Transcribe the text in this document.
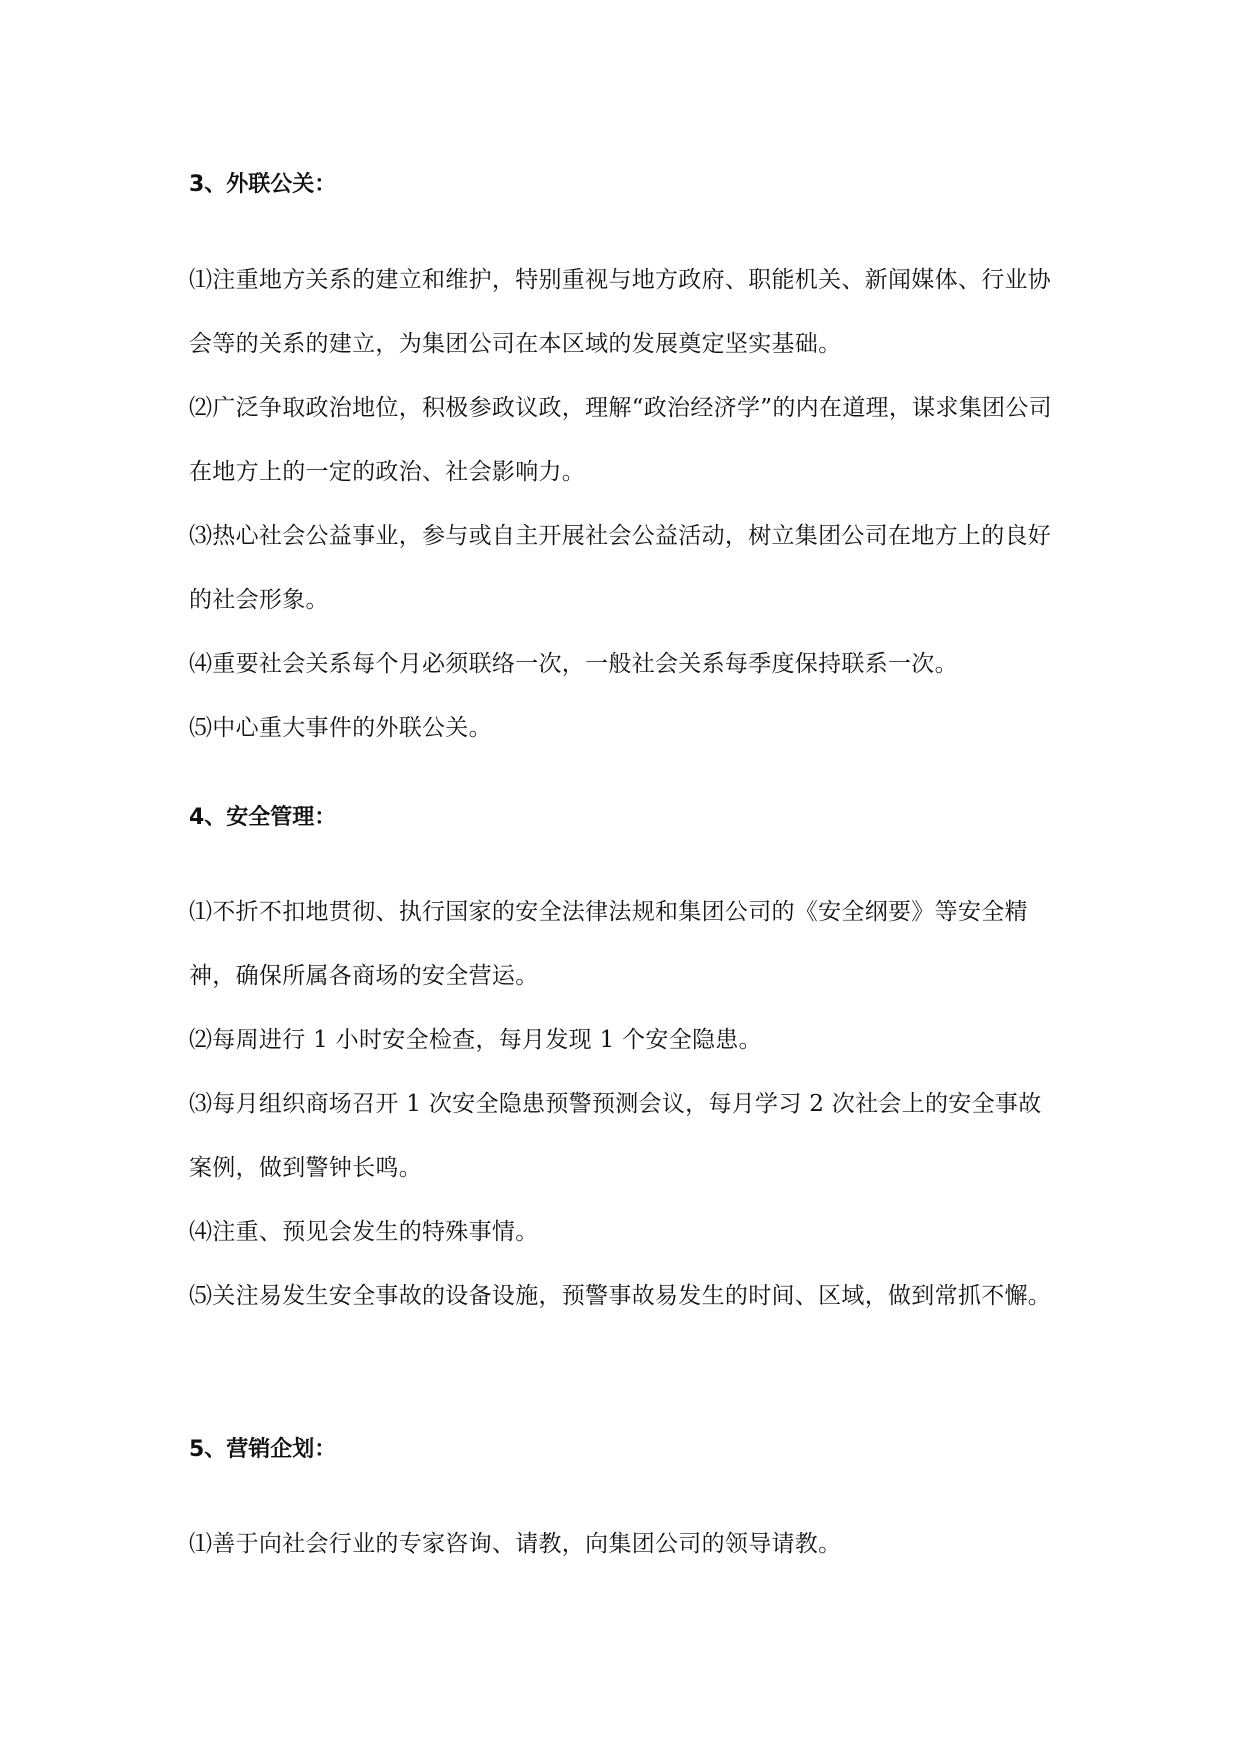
3、外联公关：

⑴注重地方关系的建立和维护，特别重视与地方政府、职能机关、新闻媒体、行业协会等的关系的建立，为集团公司在本区域的发展奠定坚实基础。

⑵广泛争取政治地位，积极参政议政，理解“政治经济学”的内在道理，谋求集团公司在地方上的一定的政治、社会影响力。

⑶热心社会公益事业，参与或自主开展社会公益活动，树立集团公司在地方上的良好的社会形象。

⑷重要社会关系每个月必须联络一次，一般社会关系每季度保持联系一次。

⑸中心重大事件的外联公关。

4、安全管理：

⑴不折不扣地贯彻、执行国家的安全法律法规和集团公司的《安全纲要》等安全精神，确保所属各商场的安全营运。

⑵每周进行 1 小时安全检查，每月发现 1 个安全隐患。

⑶每月组织商场召开 1 次安全隐患预警预测会议，每月学习 2 次社会上的安全事故案例，做到警钟长鸣。

⑷注重、预见会发生的特殊事情。

⑸关注易发生安全事故的设备设施，预警事故易发生的时间、区域，做到常抓不懈。

5、营销企划：

⑴善于向社会行业的专家咨询、请教，向集团公司的领导请教。
